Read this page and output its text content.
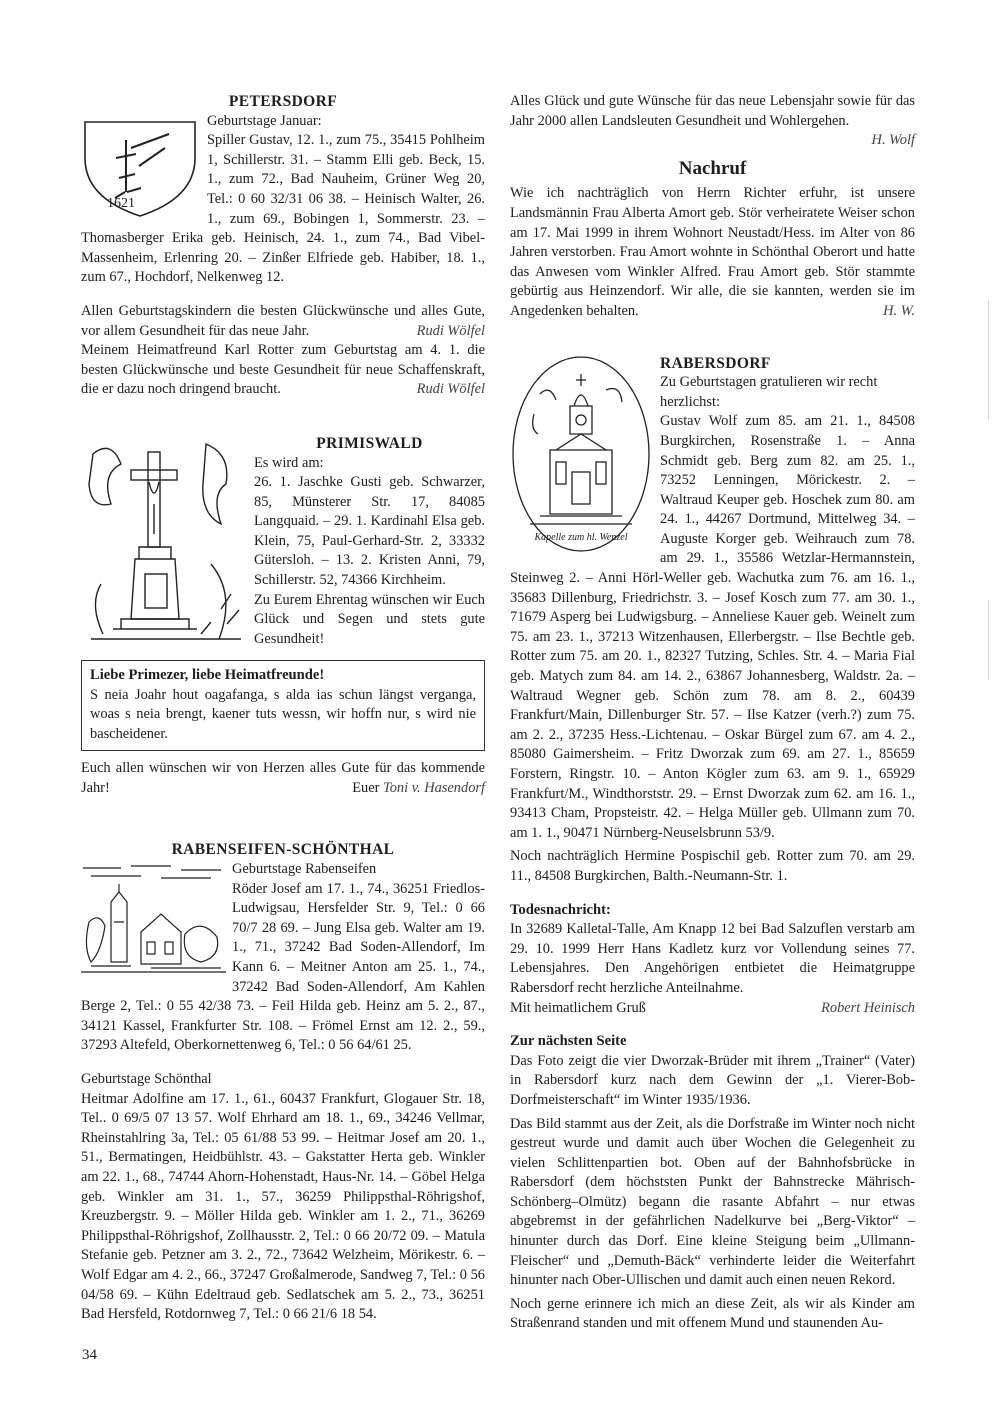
PETERSDORF

1621

Geburtstage Januar:

Spiller Gustav, 12. 1., zum 75., 35415 Pohlheim 1, Schillerstr. 31. – Stamm Elli geb. Beck, 15. 1., zum 72., Bad Nauheim, Grüner Weg 20, Tel.: 0 60 32/31 06 38. – Heinisch Walter, 26. 1., zum 69., Bobingen 1, Sommerstr. 23. – Thomasberger Erika geb. Heinisch, 24. 1., zum 74., Bad Vibel-Massenheim, Erlenring 20. – Zinßer Elfriede geb. Habiber, 18. 1., zum 67., Hochdorf, Nelkenweg 12.

Allen Geburtstagskindern die besten Glückwünsche und alles Gute, vor allem Gesundheit für das neue Jahr.	Rudi Wölfel

Meinem Heimatfreund Karl Rotter zum Geburtstag am 4. 1. die besten Glückwünsche und beste Gesundheit für neue Schaffenskraft, die er dazu noch dringend braucht.	Rudi Wölfel

PRIMISWALD

Es wird am:

26. 1. Jaschke Gusti geb. Schwarzer, 85, Münsterer Str. 17, 84085 Langquaid. – 29. 1. Kardinahl Elsa geb. Klein, 75, Paul-Gerhard-Str. 2, 33332 Gütersloh. – 13. 2. Kristen Anni, 79, Schillerstr. 52, 74366 Kirchheim.

Zu Eurem Ehrentag wünschen wir Euch Glück und Segen und stets gute Gesundheit!

Liebe Primezer, liebe Heimatfreunde!

S neia Joahr hout oagafanga, s alda ias schun längst verganga, woas s neia brengt, kaener tuts wessn, wir hoffn nur, s wird nie bascheidener.

Euch allen wünschen wir von Herzen alles Gute für das kommende Jahr!	Euer Toni v. Hasendorf

RABENSEIFEN-SCHÖNTHAL

Geburtstage Rabenseifen

Röder Josef am 17. 1., 74., 36251 Friedlos-Ludwigsau, Hersfelder Str. 9, Tel.: 0 66 70/7 28 69. – Jung Elsa geb. Walter am 19. 1., 71., 37242 Bad Soden-Allendorf, Im Kann 6. – Meitner Anton am 25. 1., 74., 37242 Bad Soden-Allendorf, Am Kahlen Berge 2, Tel.: 0 55 42/38 73. – Feil Hilda geb. Heinz am 5. 2., 87., 34121 Kassel, Frankfurter Str. 108. – Frömel Ernst am 12. 2., 59., 37293 Altefeld, Oberkornettenweg 6, Tel.: 0 56 64/61 25.

Geburtstage Schönthal

Heitmar Adolfine am 17. 1., 61., 60437 Frankfurt, Glogauer Str. 18, Tel.. 0 69/5 07 13 57. Wolf Ehrhard am 18. 1., 69., 34246 Vellmar, Rheinstahlring 3a, Tel.: 05 61/88 53 99. – Heitmar Josef am 20. 1., 51., Bermatingen, Heidbühlstr. 43. – Gakstatter Herta geb. Winkler am 22. 1., 68., 74744 Ahorn-Hohenstadt, Haus-Nr. 14. – Göbel Helga geb. Winkler am 31. 1., 57., 36259 Philippsthal-Röhrigshof, Kreuzbergstr. 9. – Möller Hilda geb. Winkler am 1. 2., 71., 36269 Philippsthal-Röhrigshof, Zollhausstr. 2, Tel.: 0 66 20/72 09. – Matula Stefanie geb. Petzner am 3. 2., 72., 73642 Welzheim, Mörikestr. 6. – Wolf Edgar am 4. 2., 66., 37247 Großalmerode, Sandweg 7, Tel.: 0 56 04/58 69. – Kühn Edeltraud geb. Sedlatschek am 5. 2., 73., 36251 Bad Hersfeld, Rotdornweg 7, Tel.: 0 66 21/6 18 54.

Alles Glück und gute Wünsche für das neue Lebensjahr sowie für das Jahr 2000 allen Landsleuten Gesundheit und Wohlergehen.

H. Wolf

Nachruf

Wie ich nachträglich von Herrn Richter erfuhr, ist unsere Landsmännin Frau Alberta Amort geb. Stör verheiratete Weiser schon am 17. Mai 1999 in ihrem Wohnort Neustadt/Hess. im Alter von 86 Jahren verstorben. Frau Amort wohnte in Schönthal Oberort und hatte das Anwesen vom Winkler Alfred. Frau Amort geb. Stör stammte gebürtig aus Heinzendorf. Wir alle, die sie kannten, werden sie im Angedenken behalten.	H. W.

Kapelle zum hl. Wenzel

RABERSDORF

Zu Geburtstagen gratulieren wir recht herzlichst:

Gustav Wolf zum 85. am 21. 1., 84508 Burgkirchen, Rosenstraße 1. – Anna Schmidt geb. Berg zum 82. am 25. 1., 73252 Lenningen, Mörickestr. 2. – Waltraud Keuper geb. Hoschek zum 80. am 24. 1., 44267 Dortmund, Mittelweg 34. – Auguste Korger geb. Weihrauch zum 78. am 29. 1., 35586 Wetzlar-Hermannstein, Steinweg 2. – Anni Hörl-Weller geb. Wachutka zum 76. am 16. 1., 35683 Dillenburg, Friedrichstr. 3. – Josef Kosch zum 77. am 30. 1., 71679 Asperg bei Ludwigsburg. – Anneliese Kauer geb. Weinelt zum 75. am 23. 1., 37213 Witzenhausen, Ellerbergstr. – Ilse Bechtle geb. Rotter zum 75. am 20. 1., 82327 Tutzing, Schles. Str. 4. – Maria Fial geb. Matych zum 84. am 14. 2., 63867 Johannesberg, Waldstr. 2a. – Waltraud Wegner geb. Schön zum 78. am 8. 2., 60439 Frankfurt/Main, Dillenburger Str. 57. – Ilse Katzer (verh.?) zum 75. am 2. 2., 37235 Hess.-Lichtenau. – Oskar Bürgel zum 67. am 4. 2., 85080 Gaimersheim. – Fritz Dworzak zum 69. am 27. 1., 85659 Forstern, Ringstr. 10. – Anton Kögler zum 63. am 9. 1., 65929 Frankfurt/M., Windthorststr. 29. – Ernst Dworzak zum 62. am 16. 1., 93413 Cham, Propsteistr. 42. – Helga Müller geb. Ullmann zum 70. am 1. 1., 90471 Nürnberg-Neuselsbrunn 53/9.

Noch nachträglich Hermine Pospischil geb. Rotter zum 70. am 29. 11., 84508 Burgkirchen, Balth.-Neumann-Str. 1.

Todesnachricht:

In 32689 Kalletal-Talle, Am Knapp 12 bei Bad Salzuflen verstarb am 29. 10. 1999 Herr Hans Kadletz kurz vor Vollendung seines 77. Lebensjahres. Den Angehörigen entbietet die Heimatgruppe Rabersdorf recht herzliche Anteilnahme.

Mit heimatlichem Gruß	Robert Heinisch

Zur nächsten Seite

Das Foto zeigt die vier Dworzak-Brüder mit ihrem „Trainer“ (Vater) in Rabersdorf kurz nach dem Gewinn der „1. Vierer-Bob-Dorfmeisterschaft“ im Winter 1935/1936.

Das Bild stammt aus der Zeit, als die Dorfstraße im Winter noch nicht gestreut wurde und damit auch über Wochen die Gelegenheit zu vielen Schlittenpartien bot. Oben auf der Bahnhofsbrücke in Rabersdorf (dem höchststen Punkt der Bahnstrecke Mährisch-Schönberg–Olmütz) begann die rasante Abfahrt – nur etwas abgebremst in der gefährlichen Nadelkurve bei „Berg-Viktor“ – hinunter durch das Dorf. Eine kleine Steigung beim „Ullmann-Fleischer“ und „Demuth-Bäck“ verhinderte leider die Weiterfahrt hinunter nach Ober-Ullischen und damit auch einen neuen Rekord.

Noch gerne erinnere ich mich an diese Zeit, als wir als Kinder am Straßenrand standen und mit offenem Mund und staunenden Au-

34
